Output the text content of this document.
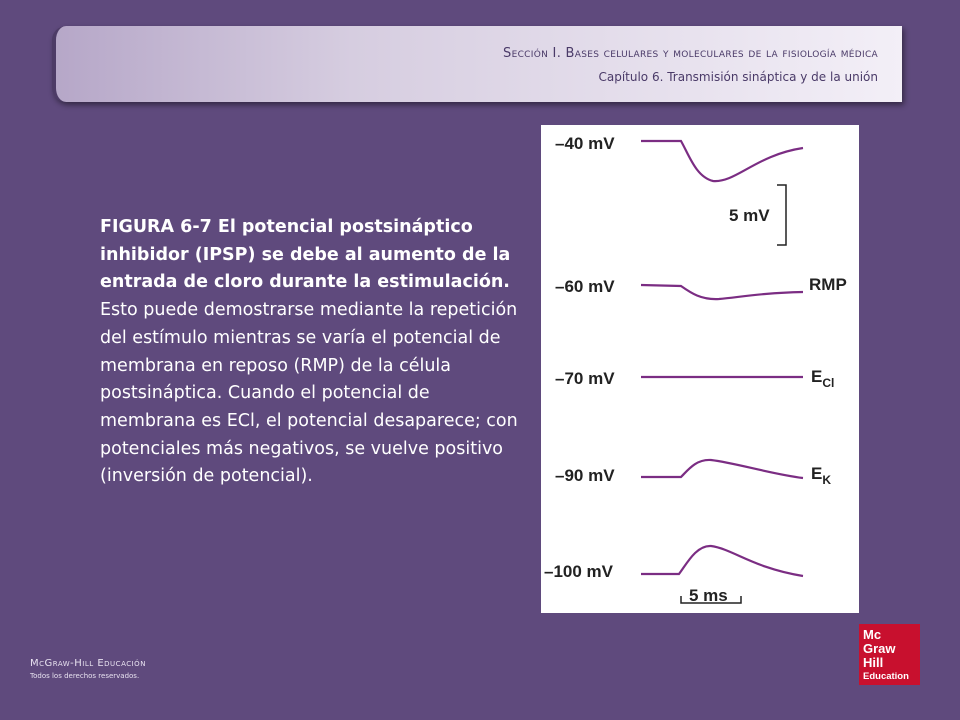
Sección I. Bases celulares y moleculares de la fisiología médica
Capítulo 6. Transmisión sináptica y de la unión

FIGURA 6-7 El potencial postsináptico inhibidor (IPSP) se debe al aumento de la entrada de cloro durante la estimulación. Esto puede demostrarse mediante la repetición del estímulo mientras se varía el potencial de membrana en reposo (RMP) de la célula postsináptica. Cuando el potencial de membrana es ECl, el potencial desaparece; con potenciales más negativos, se vuelve positivo (inversión de potencial).

–40 mV
–60 mV
–70 mV
–90 mV
–100 mV
RMP
$E_{Cl}$
$E_K$
5 mV
5 ms
McGraw-Hill Educación
Todos los derechos reservados.
Mc
Graw
Hill
Education
